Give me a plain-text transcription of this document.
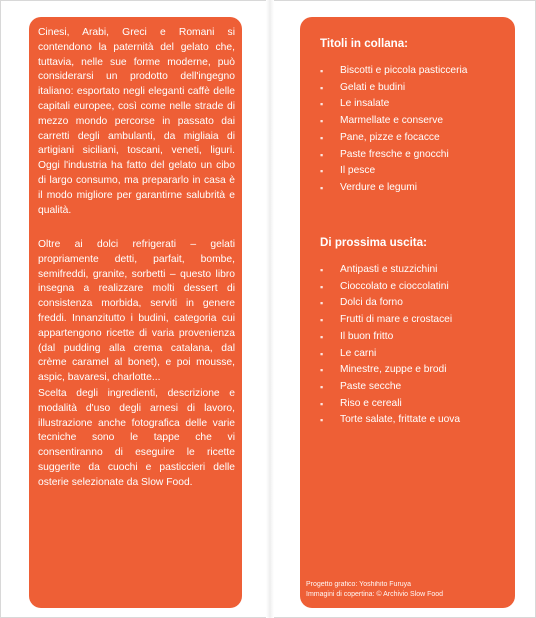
Cinesi, Arabi, Greci e Romani si contendono la paternità del gelato che, tuttavia, nelle sue forme moderne, può considerarsi un prodotto dell'ingegno italiano: esportato negli eleganti caffè delle capitali europee, così come nelle strade di mezzo mondo percorse in passato dai carretti degli ambulanti, da migliaia di artigiani siciliani, toscani, veneti, liguri. Oggi l'industria ha fatto del gelato un cibo di largo consumo, ma prepararlo in casa è il modo migliore per garantirne salubrità e qualità.

Oltre ai dolci refrigerati – gelati propriamente detti, parfait, bombe, semifreddi, granite, sorbetti – questo libro insegna a realizzare molti dessert di consistenza morbida, serviti in genere freddi. Innanzitutto i budini, categoria cui appartengono ricette di varia provenienza (dal pudding alla crema catalana, dal crème caramel al bonet), e poi mousse, aspic, bavaresi, charlotte...

Scelta degli ingredienti, descrizione e modalità d'uso degli arnesi di lavoro, illustrazione anche fotografica delle varie tecniche sono le tappe che vi consentiranno di eseguire le ricette suggerite da cuochi e pasticcieri delle osterie selezionate da Slow Food.

Titoli in collana:
▪ Biscotti e piccola pasticceria
▪ Gelati e budini
▪ Le insalate
▪ Marmellate e conserve
▪ Pane, pizze e focacce
▪ Paste fresche e gnocchi
▪ Il pesce
▪ Verdure e legumi
Di prossima uscita:
▪ Antipasti e stuzzichini
▪ Cioccolato e cioccolatini
▪ Dolci da forno
▪ Frutti di mare e crostacei
▪ Il buon fritto
▪ Le carni
▪ Minestre, zuppe e brodi
▪ Paste secche
▪ Riso e cereali
▪ Torte salate, frittate e uova
Progetto grafico: Yoshihito Furuya
Immagini di copertina: © Archivio Slow Food
